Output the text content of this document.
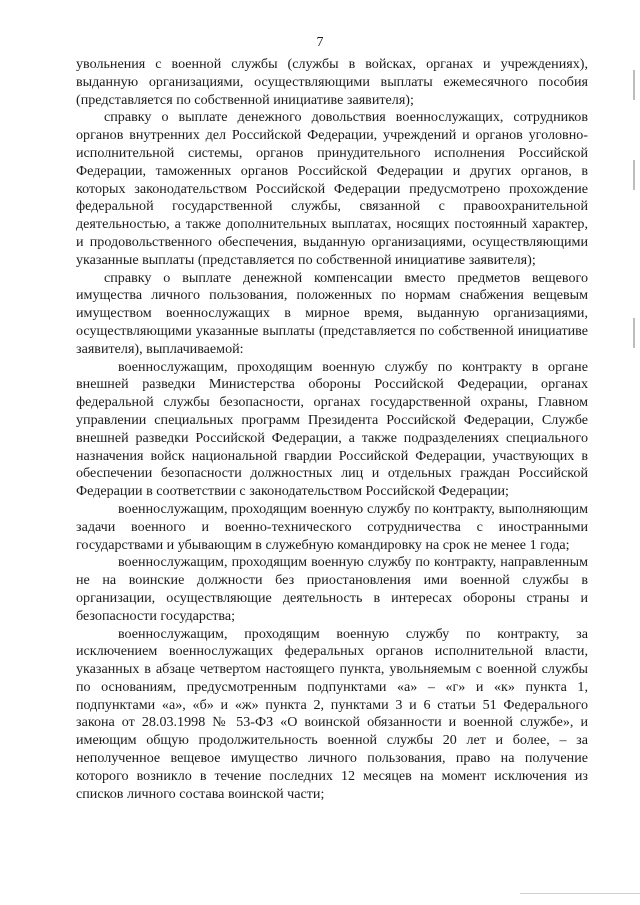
7

увольнения с военной службы (службы в войсках, органах и учреждениях), выданную организациями, осуществляющими выплаты ежемесячного пособия (представляется по собственной инициативе заявителя);

справку о выплате денежного довольствия военнослужащих, сотрудников органов внутренних дел Российской Федерации, учреждений и органов уголовно-исполнительной системы, органов принудительного исполнения Российской Федерации, таможенных органов Российской Федерации и других органов, в которых законодательством Российской Федерации предусмотрено прохождение федеральной государственной службы, связанной с правоохранительной деятельностью, а также дополнительных выплатах, носящих постоянный характер, и продовольственного обеспечения, выданную организациями, осуществляющими указанные выплаты (представляется по собственной инициативе заявителя);

справку о выплате денежной компенсации вместо предметов вещевого имущества личного пользования, положенных по нормам снабжения вещевым имуществом военнослужащих в мирное время, выданную организациями, осуществляющими указанные выплаты (представляется по собственной инициативе заявителя), выплачиваемой:

военнослужащим, проходящим военную службу по контракту в органе внешней разведки Министерства обороны Российской Федерации, органах федеральной службы безопасности, органах государственной охраны, Главном управлении специальных программ Президента Российской Федерации, Службе внешней разведки Российской Федерации, а также подразделениях специального назначения войск национальной гвардии Российской Федерации, участвующих в обеспечении безопасности должностных лиц и отдельных граждан Российской Федерации в соответствии с законодательством Российской Федерации;

военнослужащим, проходящим военную службу по контракту, выполняющим задачи военного и военно-технического сотрудничества с иностранными государствами и убывающим в служебную командировку на срок не менее 1 года;

военнослужащим, проходящим военную службу по контракту, направленным не на воинские должности без приостановления ими военной службы в организации, осуществляющие деятельность в интересах обороны страны и безопасности государства;

военнослужащим, проходящим военную службу по контракту, за исключением военнослужащих федеральных органов исполнительной власти, указанных в абзаце четвертом настоящего пункта, увольняемым с военной службы по основаниям, предусмотренным подпунктами «а» – «г» и «к» пункта 1, подпунктами «а», «б» и «ж» пункта 2, пунктами 3 и 6 статьи 51 Федерального закона от 28.03.1998 № 53-ФЗ «О воинской обязанности и военной службе», и имеющим общую продолжительность военной службы 20 лет и более, – за неполученное вещевое имущество личного пользования, право на получение которого возникло в течение последних 12 месяцев на момент исключения из списков личного состава воинской части;
